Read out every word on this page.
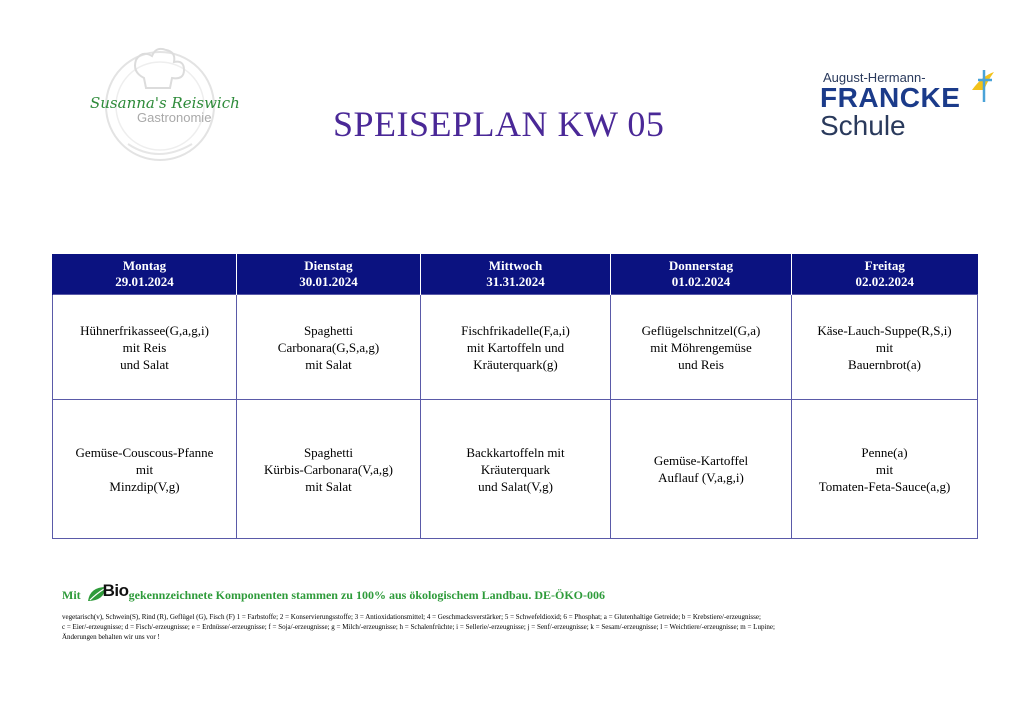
Susanna's Reiswich
Gastronomie	SPEISEPLAN KW 05
August-Hermann-
FRANCKE
Schule
Montag
29.01.2024	Dienstag
30.01.2024	Mittwoch
31.31.2024	Donnerstag
01.02.2024	Freitag
02.02.2024

Hühnerfrikassee(G,a,g,i)
mit Reis
und Salat	Spaghetti
Carbonara(G,S,a,g)
mit Salat	Fischfrikadelle(F,a,i)
mit Kartoffeln und
Kräuterquark(g)	Geflügelschnitzel(G,a)
mit Möhrengemüse
und Reis	Käse-Lauch-Suppe(R,S,i)
mit
Bauernbrot(a)

Gemüse-Couscous-Pfanne
mit
Minzdip(V,g)	Spaghetti
Kürbis-Carbonara(V,a,g)
mit Salat	Backkartoffeln mit
Kräuterquark
und Salat(V,g)	Gemüse-Kartoffel
Auflauf (V,a,g,i)	Penne(a)
mit
Tomaten-Feta-Sauce(a,g)
Mit Bio gekennzeichnete Komponenten stammen zu 100% aus ökologischem Landbau. DE-ÖKO-006
vegetarisch(v), Schwein(S), Rind (R), Geflügel (G), Fisch (F) 1 = Farbstoffe; 2 = Konservierungsstoffe; 3 = Antioxidationsmittel; 4 = Geschmacksverstärker; 5 = Schwefeldioxid; 6 = Phosphat; a = Glutenhaltige Getreide; b = Krebstiere/-erzeugnisse;
c = Eier/-erzeugnisse; d = Fisch/-erzeugnisse; e = Erdnüsse/-erzeugnisse; f = Soja/-erzeugnisse; g = Milch/-erzeugnisse; h = Schalenfrüchte; i = Sellerie/-erzeugnisse; j = Senf/-erzeugnisse; k = Sesam/-erzeugnisse; l = Weichtiere/-erzeugnisse; m = Lupine;
Änderungen behalten wir uns vor !
